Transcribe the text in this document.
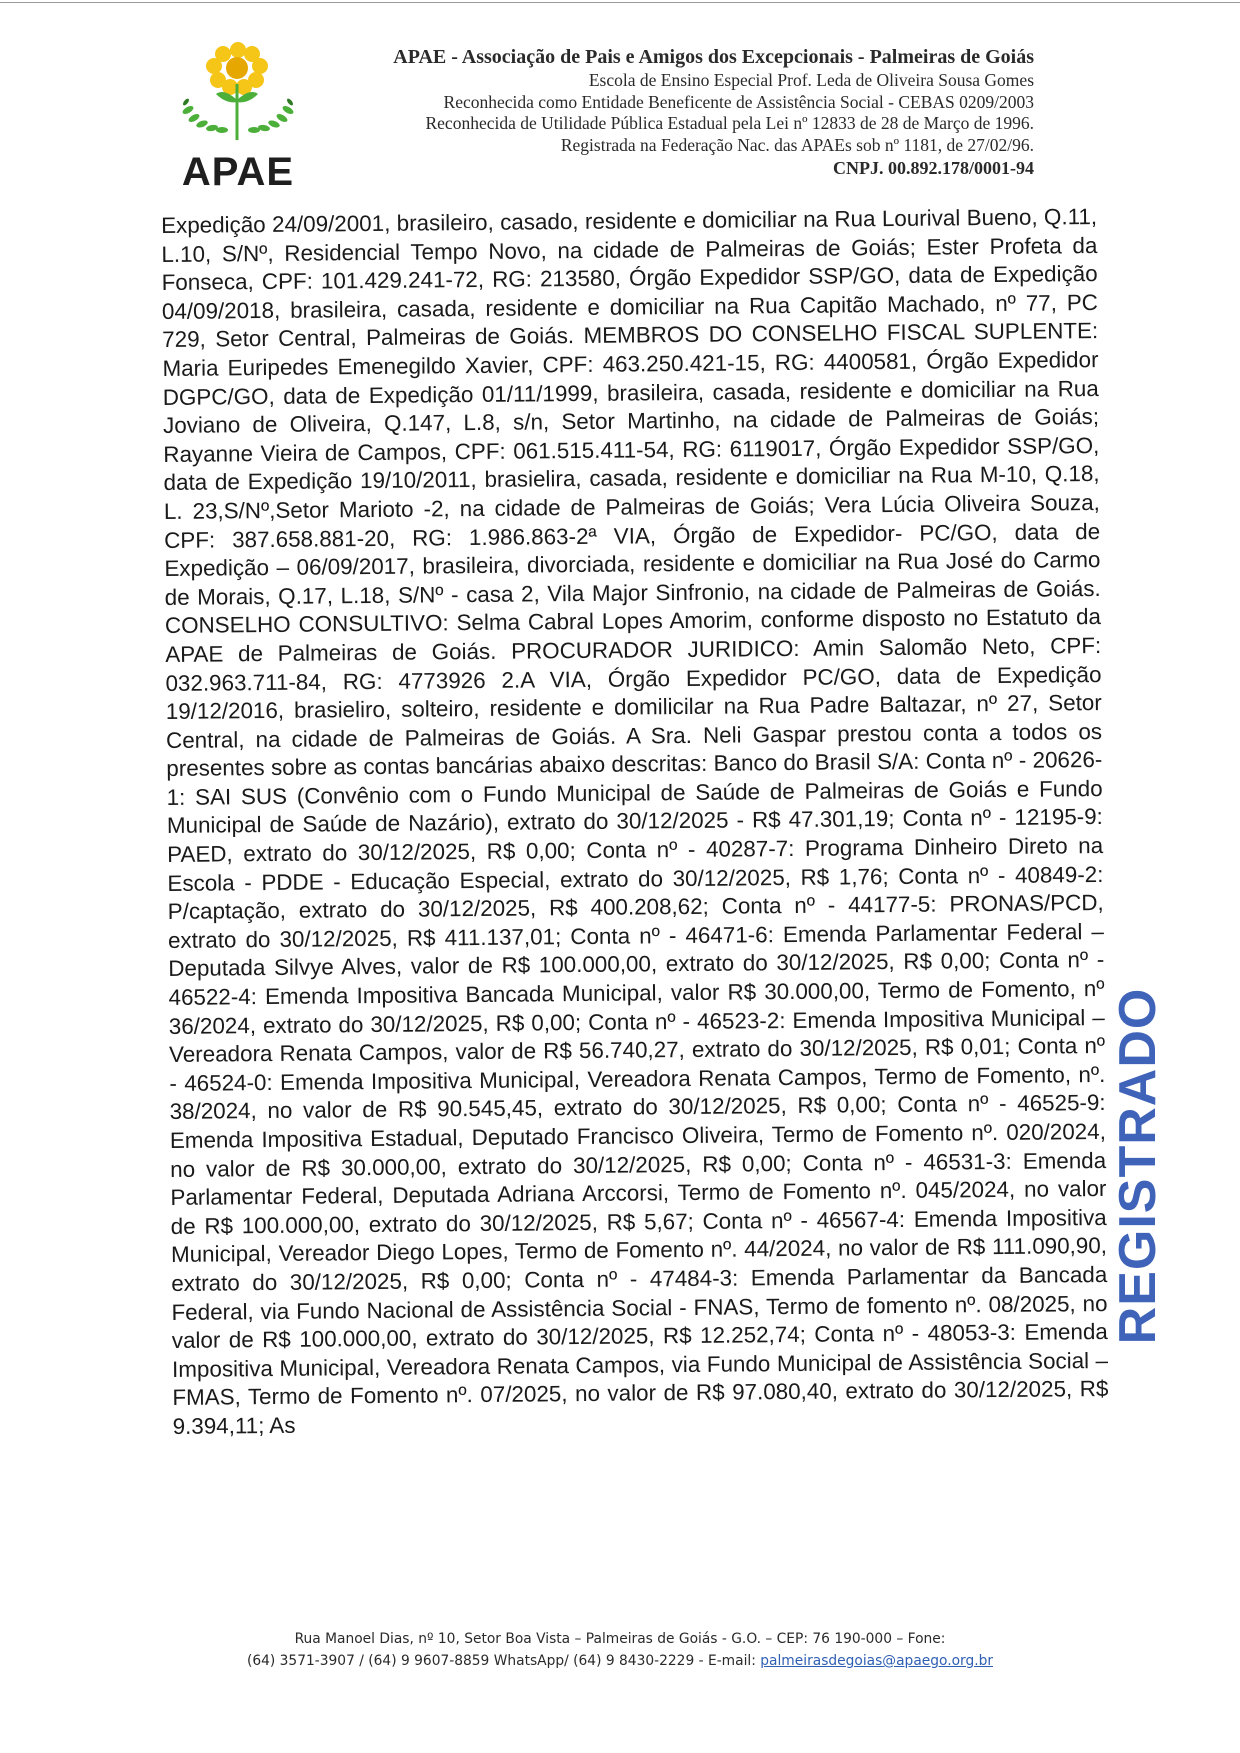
APAE

APAE - Associação de Pais e Amigos dos Excepcionais - Palmeiras de Goiás

Escola de Ensino Especial Prof. Leda de Oliveira Sousa Gomes

Reconhecida como Entidade Beneficente de Assistência Social - CEBAS 0209/2003

Reconhecida de Utilidade Pública Estadual pela Lei nº 12833 de 28 de Março de 1996.

Registrada na Federação Nac. das APAEs sob nº 1181, de 27/02/96.

CNPJ. 00.892.178/0001-94

Expedição 24/09/2001, brasileiro, casado, residente e domiciliar na Rua Lourival Bueno, Q.11, L.10, S/Nº, Residencial Tempo Novo, na cidade de Palmeiras de Goiás; Ester Profeta da Fonseca, CPF: 101.429.241-72, RG: 213580, Órgão Expedidor SSP/GO, data de Expedição 04/09/2018, brasileira, casada, residente e domiciliar na Rua Capitão Machado, nº 77, PC 729, Setor Central, Palmeiras de Goiás. MEMBROS DO CONSELHO FISCAL SUPLENTE: Maria Euripedes Emenegildo Xavier, CPF: 463.250.421-15, RG: 4400581, Órgão Expedidor DGPC/GO, data de Expedição 01/11/1999, brasileira, casada, residente e domiciliar na Rua Joviano de Oliveira, Q.147, L.8, s/n, Setor Martinho, na cidade de Palmeiras de Goiás; Rayanne Vieira de Campos, CPF: 061.515.411-54, RG: 6119017, Órgão Expedidor SSP/GO, data de Expedição 19/10/2011, brasielira, casada, residente e domiciliar na Rua M-10, Q.18, L. 23,S/Nº,Setor Marioto -2, na cidade de Palmeiras de Goiás; Vera Lúcia Oliveira Souza, CPF: 387.658.881-20, RG: 1.986.863-2ª VIA, Órgão de Expedidor- PC/GO, data de Expedição – 06/09/2017, brasileira, divorciada, residente e domiciliar na Rua José do Carmo de Morais, Q.17, L.18, S/Nº - casa 2, Vila Major Sinfronio, na cidade de Palmeiras de Goiás. CONSELHO CONSULTIVO: Selma Cabral Lopes Amorim, conforme disposto no Estatuto da APAE de Palmeiras de Goiás. PROCURADOR JURIDICO: Amin Salomão Neto, CPF: 032.963.711-84, RG: 4773926 2.A VIA, Órgão Expedidor PC/GO, data de Expedição 19/12/2016, brasieliro, solteiro, residente e domilicilar na Rua Padre Baltazar, nº 27, Setor Central, na cidade de Palmeiras de Goiás. A Sra. Neli Gaspar prestou conta a todos os presentes sobre as contas bancárias abaixo descritas: Banco do Brasil S/A: Conta nº - 20626-1: SAI SUS (Convênio com o Fundo Municipal de Saúde de Palmeiras de Goiás e Fundo Municipal de Saúde de Nazário), extrato do 30/12/2025 - R$ 47.301,19; Conta nº - 12195-9: PAED, extrato do 30/12/2025, R$ 0,00; Conta nº - 40287-7: Programa Dinheiro Direto na Escola - PDDE - Educação Especial, extrato do 30/12/2025, R$ 1,76; Conta nº - 40849-2: P/captação, extrato do 30/12/2025, R$ 400.208,62; Conta nº - 44177-5: PRONAS/PCD, extrato do 30/12/2025, R$ 411.137,01; Conta nº - 46471-6: Emenda Parlamentar Federal – Deputada Silvye Alves, valor de R$ 100.000,00, extrato do 30/12/2025, R$ 0,00; Conta nº - 46522-4: Emenda Impositiva Bancada Municipal, valor R$ 30.000,00, Termo de Fomento, nº 36/2024, extrato do 30/12/2025, R$ 0,00; Conta nº - 46523-2: Emenda Impositiva Municipal – Vereadora Renata Campos, valor de R$ 56.740,27, extrato do 30/12/2025, R$ 0,01; Conta nº - 46524-0: Emenda Impositiva Municipal, Vereadora Renata Campos, Termo de Fomento, nº. 38/2024, no valor de R$ 90.545,45, extrato do 30/12/2025, R$ 0,00; Conta nº - 46525-9: Emenda Impositiva Estadual, Deputado Francisco Oliveira, Termo de Fomento nº. 020/2024, no valor de R$ 30.000,00, extrato do 30/12/2025, R$ 0,00; Conta nº - 46531-3: Emenda Parlamentar Federal, Deputada Adriana Arccorsi, Termo de Fomento nº. 045/2024, no valor de R$ 100.000,00, extrato do 30/12/2025, R$ 5,67; Conta nº - 46567-4: Emenda Impositiva Municipal, Vereador Diego Lopes, Termo de Fomento nº. 44/2024, no valor de R$ 111.090,90, extrato do 30/12/2025, R$ 0,00; Conta nº - 47484-3: Emenda Parlamentar da Bancada Federal, via Fundo Nacional de Assistência Social - FNAS, Termo de fomento nº. 08/2025, no valor de R$ 100.000,00, extrato do 30/12/2025, R$ 12.252,74; Conta nº - 48053-3: Emenda Impositiva Municipal, Vereadora Renata Campos, via Fundo Municipal de Assistência Social – FMAS, Termo de Fomento nº. 07/2025, no valor de R$ 97.080,40, extrato do 30/12/2025, R$ 9.394,11; As

REGISTRADO
Rua Manoel Dias, nº 10, Setor Boa Vista – Palmeiras de Goiás - G.O. – CEP: 76 190-000 – Fone:
(64) 3571-3907 / (64) 9 9607-8859 WhatsApp/ (64) 9 8430-2229 - E-mail: palmeirasdegoias@apaego.org.br
